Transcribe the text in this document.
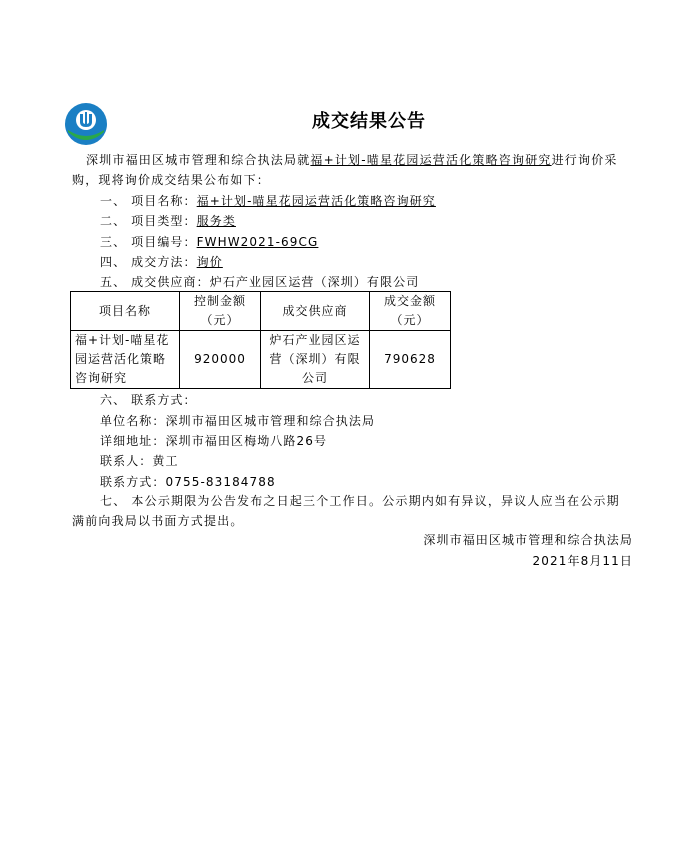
成交结果公告
深圳市福田区城市管理和综合执法局就福+计划-喵星花园运营活化策略咨询研究进行询价采购，现将询价成交结果公布如下：
一、 项目名称：福+计划-喵星花园运营活化策略咨询研究
二、 项目类型：服务类
三、 项目编号：FWHW2021-69CG
四、 成交方法：询价
五、 成交供应商：炉石产业园区运营（深圳）有限公司
项目名称	控制金额（元）	成交供应商	成交金额（元）
福+计划-喵星花园运营活化策略咨询研究	920000	炉石产业园区运营（深圳）有限公司	790628
六、 联系方式：
单位名称：深圳市福田区城市管理和综合执法局
详细地址：深圳市福田区梅坳八路26号
联系人：黄工
联系方式：0755-83184788
七、 本公示期限为公告发布之日起三个工作日。公示期内如有异议，异议人应当在公示期满前向我局以书面方式提出。
深圳市福田区城市管理和综合执法局
2021年8月11日
